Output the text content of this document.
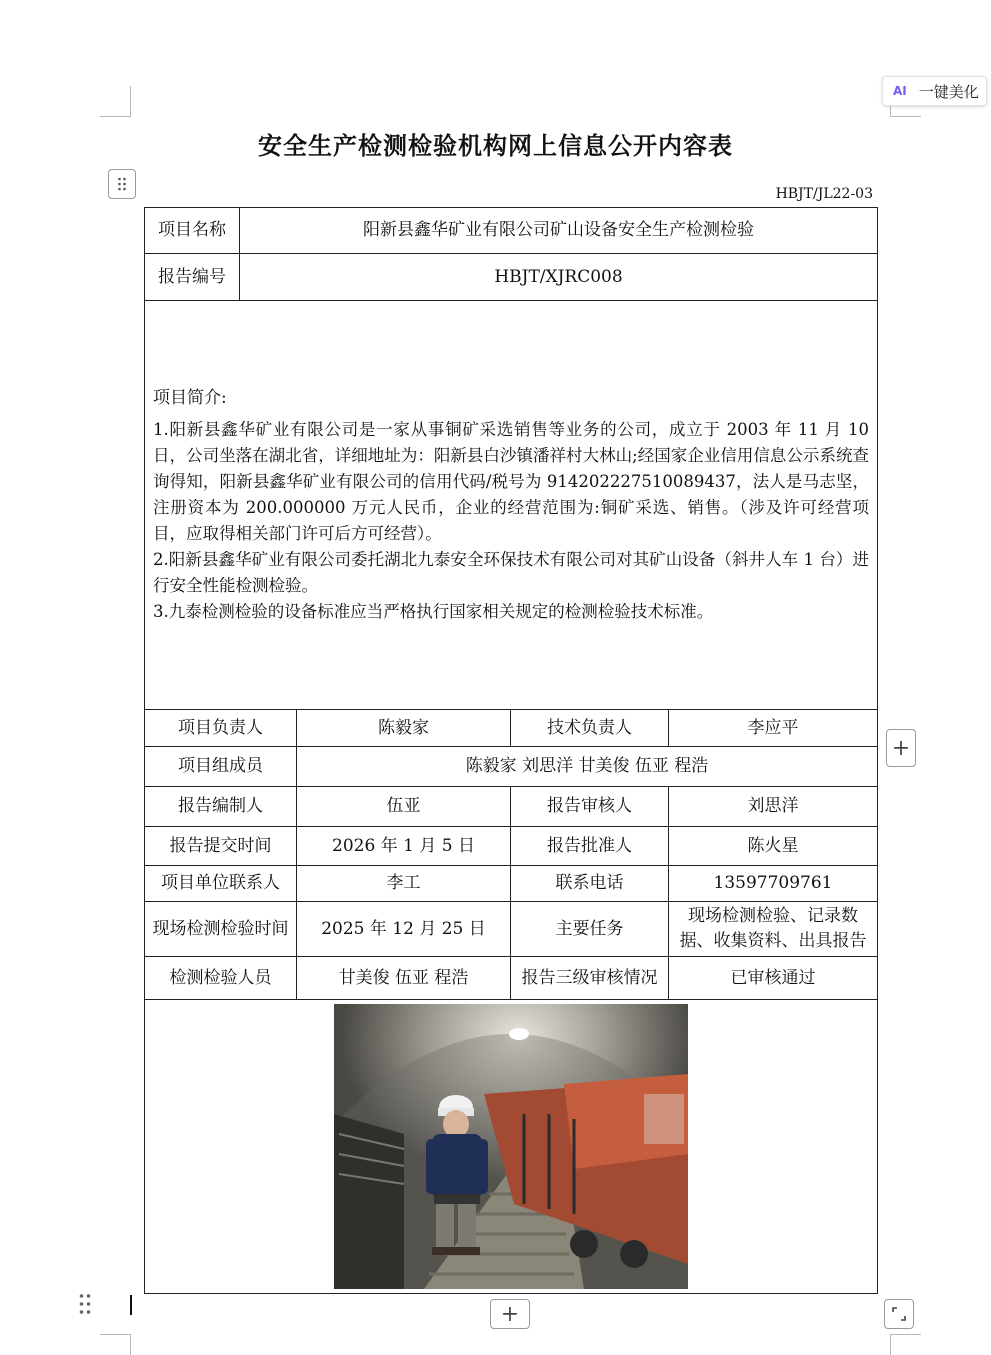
AI 一键美化
安全生产检测检验机构网上信息公开内容表
HBJT/JL22-03
项目名称	阳新县鑫华矿业有限公司矿山设备安全生产检测检验			
报告编号	HBJT/XJRC008			

项目简介:
1.阳新县鑫华矿业有限公司是一家从事铜矿采选销售等业务的公司，成立于 2003 年 11 月 10 日，公司坐落在湖北省，详细地址为：阳新县白沙镇潘祥村大林山;经国家企业信用信息公示系统查询得知，阳新县鑫华矿业有限公司的信用代码/税号为 91420222751008943​7，法人是马志坚，注册资本为 200.000000 万元人民币，企业的经营范围为:铜矿采选、销售。（涉及许可经营项目，应取得相关部门许可后方可经营）。
2.阳新县鑫华矿业有限公司委托湖北九泰安全环保技术有限公司对其矿山设备（斜井人车 1 台）进行安全性能检测检验。
3.九泰检测检验的设备标准应当严格执行国家相关规定的检测检验技术标准。				

项目负责人		陈毅家	技术负责人	李应平
项目组成员		陈毅家 刘思洋 甘美俊 伍亚 程浩		
报告编制人		伍亚	报告审核人	刘思洋
报告提交时间		2026 年 1 月 5 日	报告批准人	陈火星
项目单位联系人		李工	联系电话	13597709761
现场检测检验时间		2025 年 12 月 25 日	主要任务	现场检测检验、记录数据、收集资料、出具报告
检测检验人员		甘美俊 伍亚 程浩	报告三级审核情况	已审核通过

+
+
